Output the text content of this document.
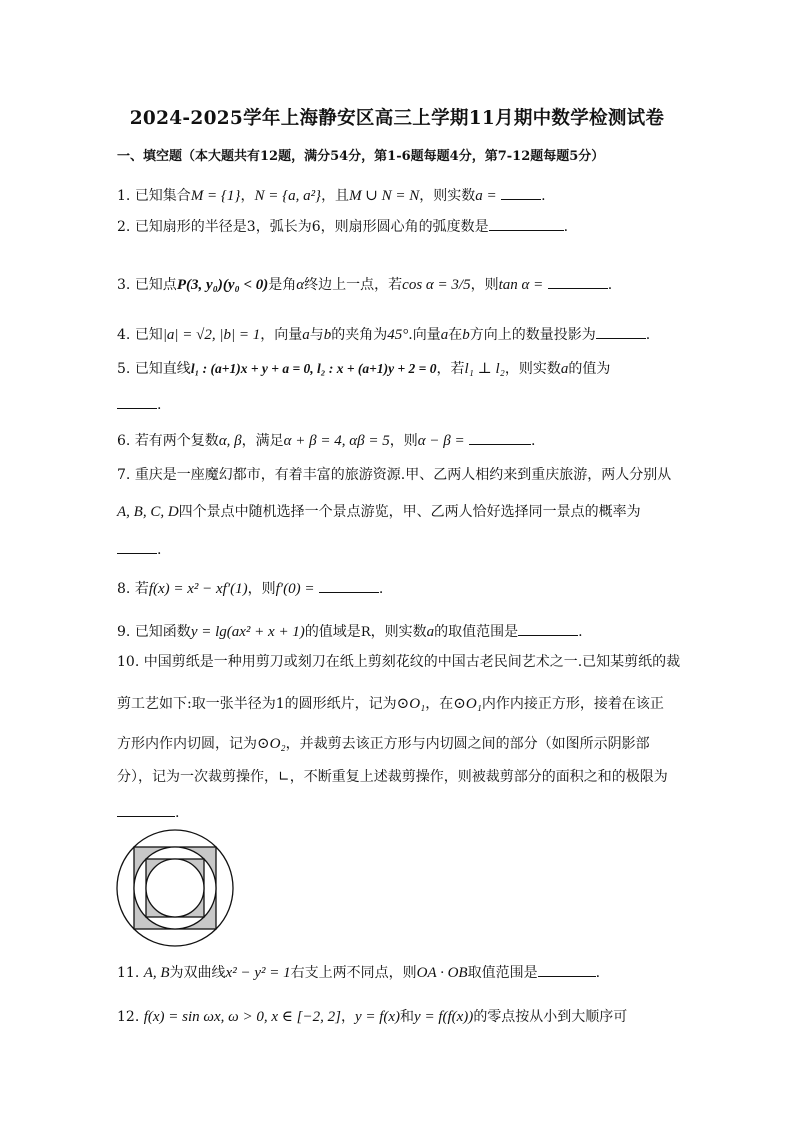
2024-2025学年上海静安区高三上学期11月期中数学检测试卷
一、填空题（本大题共有12题，满分54分，第1-6题每题4分，第7-12题每题5分）
1. 已知集合M = {1}，N = {a, a²}，且M ∪ N = N，则实数a =	.
2. 已知扇形的半径是3，弧长为6，则扇形圆心角的弧度数是	.
3. 已知点P(3, y₀)(y₀ < 0)是角α终边上一点，若cos α = 3/5，则tan α =	.
4. 已知|a| = √2, |b| = 1，向量a与b的夹角为45°.向量a在b方向上的数量投影为	.
5. 已知直线l₁ : (a+1)x + y + a = 0, l₂ : x + (a+1)y + 2 = 0，若l₁ ⊥ l₂，则实数a的值为
.
6. 若有两个复数α, β，满足α + β = 4, αβ = 5，则α − β =	.
7. 重庆是一座魔幻都市，有着丰富的旅游资源.甲、乙两人相约来到重庆旅游，两人分别从
A, B, C, D四个景点中随机选择一个景点游览，甲、乙两人恰好选择同一景点的概率为
.
8. 若f(x) = x² − xf′(1)，则f′(0) =	.
9. 已知函数y = lg(ax² + x + 1)的值域是R，则实数a的取值范围是	.
10. 中国剪纸是一种用剪刀或刻刀在纸上剪刻花纹的中国古老民间艺术之一.已知某剪纸的裁
剪工艺如下:取一张半径为1的圆形纸片，记为⊙O₁，在⊙O₁内作内接正方形，接着在该正
方形内作内切圆，记为⊙O₂，并裁剪去该正方形与内切圆之间的部分（如图所示阴影部
分），记为一次裁剪操作，∟，不断重复上述裁剪操作，则被裁剪部分的面积之和的极限为
.
11. A, B为双曲线x² − y² = 1右支上两不同点，则OA · OB取值范围是	.
12. f(x) = sin ωx, ω > 0, x ∈ [−2, 2]，y = f(x)和y = f(f(x))的零点按从小到大顺序可
